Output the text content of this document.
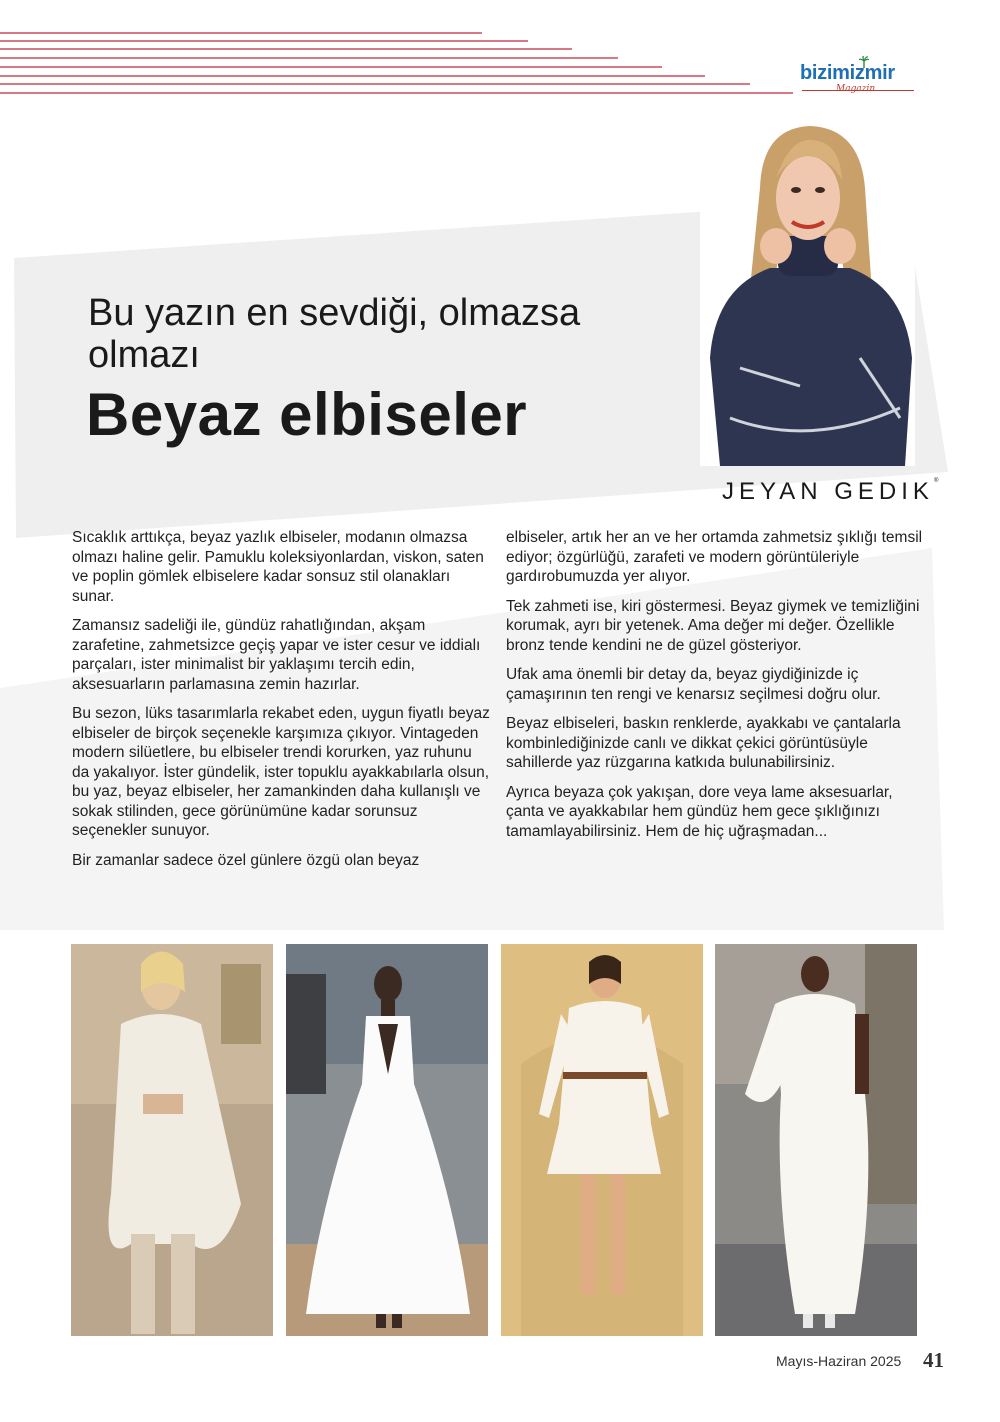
bizimizmir
Magazin
Bu yazın en sevdiği, olmazsa olmazı
Beyaz elbiseler
JEYAN GEDIK®

Sıcaklık arttıkça, beyaz yazlık elbiseler, modanın olmazsa olmazı haline gelir. Pamuklu koleksiyonlardan, viskon, saten ve poplin gömlek elbiselere kadar sonsuz stil olanakları sunar.

Zamansız sadeliği ile, gündüz rahatlığından, akşam zarafetine, zahmetsizce geçiş yapar ve ister cesur ve iddialı parçaları, ister minimalist bir yaklaşımı tercih edin, aksesuarların parlamasına zemin hazırlar.

Bu sezon, lüks tasarımlarla rekabet eden, uygun fiyatlı beyaz elbiseler de birçok seçenekle karşımıza çıkıyor. Vintageden modern silüetlere, bu elbiseler trendi korurken, yaz ruhunu da yakalıyor. İster gündelik, ister topuklu ayakkabılarla olsun, bu yaz, beyaz elbiseler, her zamankinden daha kullanışlı ve sokak stilinden, gece görünümüne kadar sorunsuz seçenekler sunuyor.

Bir zamanlar sadece özel günlere özgü olan beyaz

elbiseler, artık her an ve her ortamda zahmetsiz şıklığı temsil ediyor; özgürlüğü, zarafeti ve modern görüntüleriyle gardırobumuzda yer alıyor.

Tek zahmeti ise, kiri göstermesi. Beyaz giymek ve temizliğini korumak, ayrı bir yetenek. Ama değer mi değer. Özellikle bronz tende kendini ne de güzel gösteriyor.

Ufak ama önemli bir detay da, beyaz giydiğinizde iç çamaşırının ten rengi ve kenarsız seçilmesi doğru olur.

Beyaz elbiseleri, baskın renklerde, ayakkabı ve çantalarla kombinlediğinizde canlı ve dikkat çekici görüntüsüyle sahillerde yaz rüzgarına katkıda bulunabilirsiniz.

Ayrıca beyaza çok yakışan, dore veya lame aksesuarlar, çanta ve ayakkabılar hem gündüz hem gece şıklığınızı tamamlayabilirsiniz. Hem de hiç uğraşmadan...

Mayıs-Haziran 2025 41
